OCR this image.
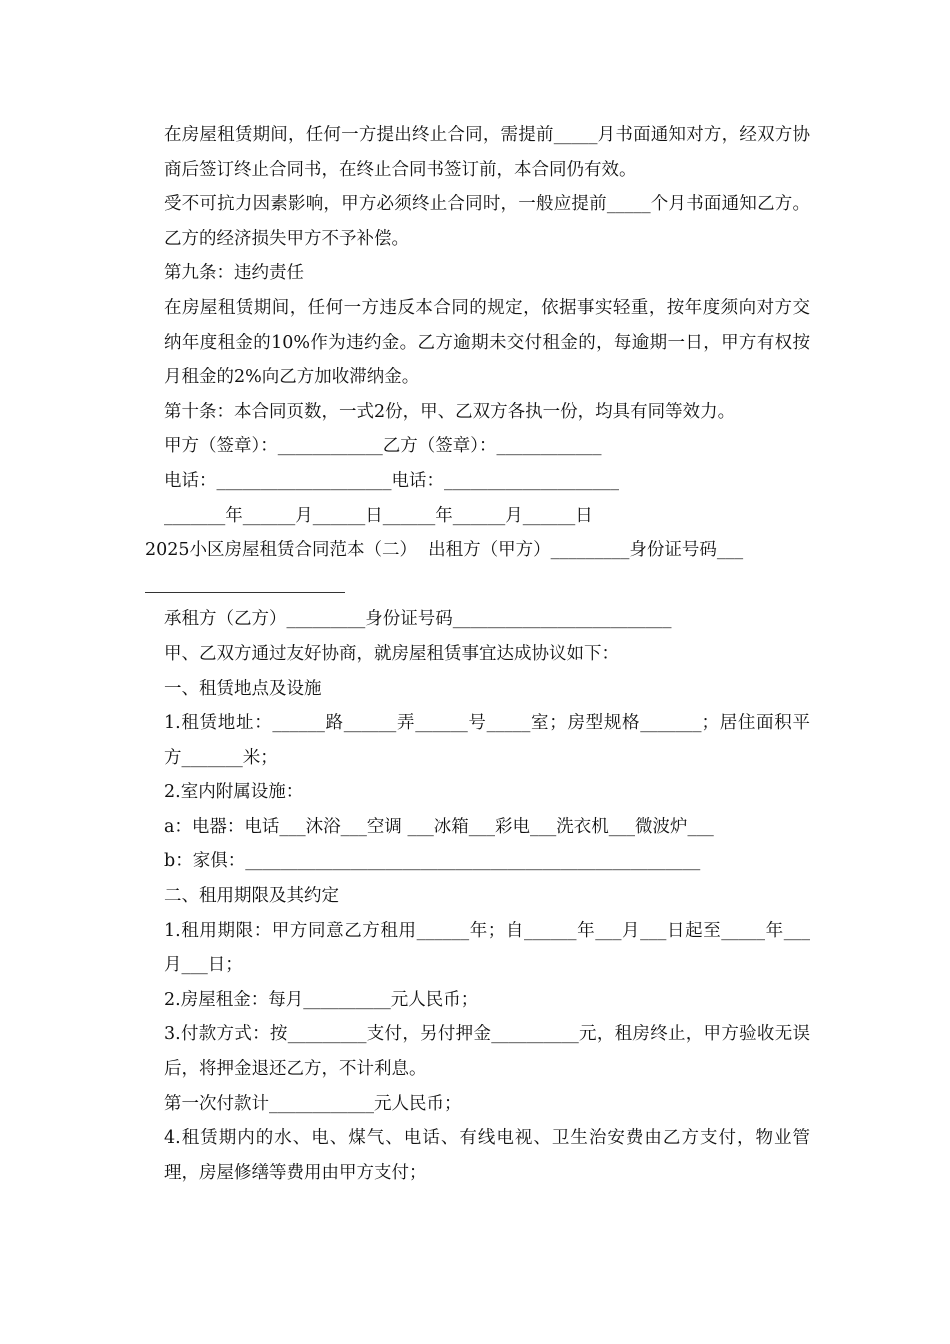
在房屋租赁期间，任何一方提出终止合同，需提前_____月书面通知对方，经双方协商后签订终止合同书，在终止合同书签订前，本合同仍有效。

受不可抗力因素影响，甲方必须终止合同时，一般应提前_____个月书面通知乙方。乙方的经济损失甲方不予补偿。

第九条：违约责任

在房屋租赁期间，任何一方违反本合同的规定，依据事实轻重，按年度须向对方交纳年度租金的10%作为违约金。乙方逾期未交付租金的，每逾期一日，甲方有权按月租金的2%向乙方加收滞纳金。

第十条：本合同页数，一式2份，甲、乙双方各执一份，均具有同等效力。

甲方（签章）：____________乙方（签章）：____________

电话：____________________电话：____________________

_______年______月______日______年______月______日

2025小区房屋租赁合同范本（二）  出租方（甲方）_________身份证号码___

承租方（乙方）_________身份证号码_________________________

甲、乙双方通过友好协商，就房屋租赁事宜达成协议如下：

一、租赁地点及设施

1.租赁地址：______路______弄______号_____室；房型规格_______；居住面积平方_______米；

2.室内附属设施：

a：电器：电话___沐浴___空调 ___冰箱___彩电___洗衣机___微波炉___

b：家俱：____________________________________________________

二、租用期限及其约定

1.租用期限：甲方同意乙方租用______年；自______年___月___日起至_____年___月___日；

2.房屋租金：每月__________元人民币；

3.付款方式：按_________支付，另付押金__________元，租房终止，甲方验收无误后，将押金退还乙方，不计利息。

第一次付款计____________元人民币；

4.租赁期内的水、电、煤气、电话、有线电视、卫生治安费由乙方支付，物业管理，房屋修缮等费用由甲方支付；
